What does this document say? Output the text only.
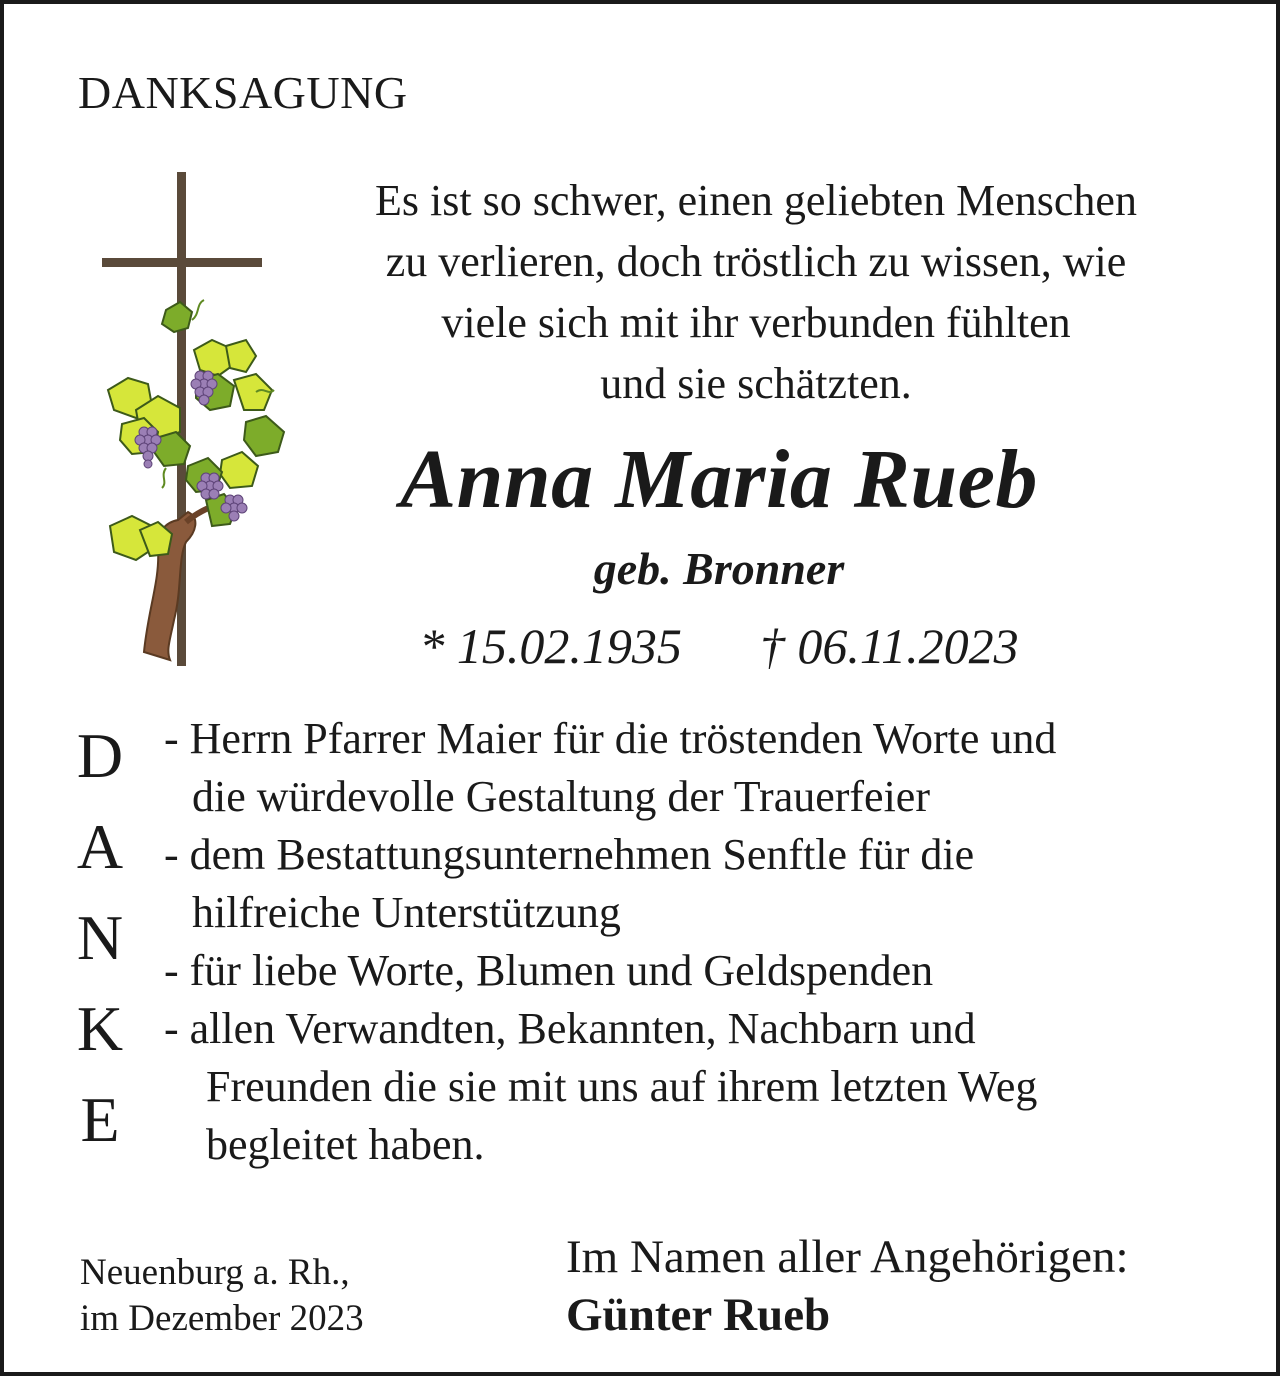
DANKSAGUNG
Es ist so schwer, einen geliebten Menschen
zu verlieren, doch tröstlich zu wissen, wie
viele sich mit ihr verbunden fühlten
und sie schätzten.
Anna Maria Rueb
geb. Bronner
* 15.02.1935 † 06.11.2023
D
A
N
K
E
- Herrn Pfarrer Maier für die tröstenden Worte und
die würdevolle Gestaltung der Trauerfeier
- dem Bestattungsunternehmen Senftle für die
hilfreiche Unterstützung
- für liebe Worte, Blumen und Geldspenden
- allen Verwandten, Bekannten, Nachbarn und
Freunden die sie mit uns auf ihrem letzten Weg
begleitet haben.
Neuenburg a. Rh.,
im Dezember 2023
Im Namen aller Angehörigen:
Günter Rueb
